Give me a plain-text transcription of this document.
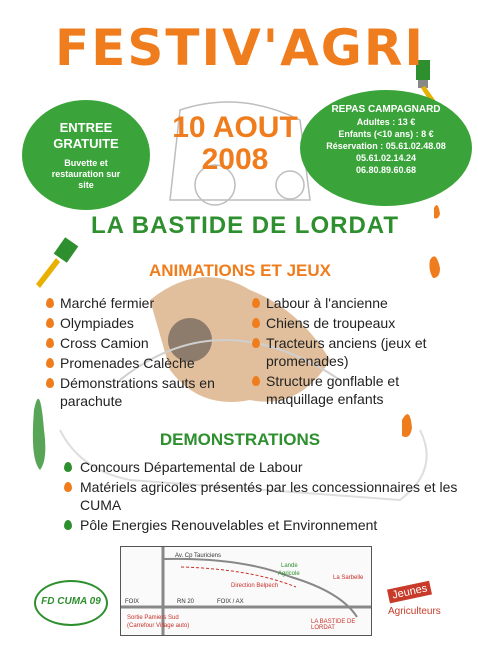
FESTIV'AGRI
ENTREE
GRATUITE
Buvette et
restauration sur
site
10 AOUT
2008
REPAS CAMPAGNARD
Adultes : 13 €
Enfants (<10 ans) : 8 €
Réservation : 05.61.02.48.08
05.61.02.14.24
06.80.89.60.68
LA BASTIDE DE LORDAT
ANIMATIONS ET JEUX
Marché fermier
Olympiades
Cross Camion
Promenades Calèche
Démonstrations sauts en parachute
Labour à l'ancienne
Chiens de troupeaux
Tracteurs anciens (jeux et promenades)
Structure gonflable et maquillage enfants
DEMONSTRATIONS
Concours Départemental de Labour
Matériels agricoles présentés par les concessionnaires et les CUMA
Pôle Energies Renouvelables et Environnement
Av. Cp Tauriciens
Lande
Agricole
La Sarbelle
FOIX	RN 20	FOIX / AX
Sortie Pamiers Sud
(Carrefour Village auto)
LA BASTIDE DE LORDAT
Direction Belpech
FD CUMA 09	Jeunes
Agriculteurs
